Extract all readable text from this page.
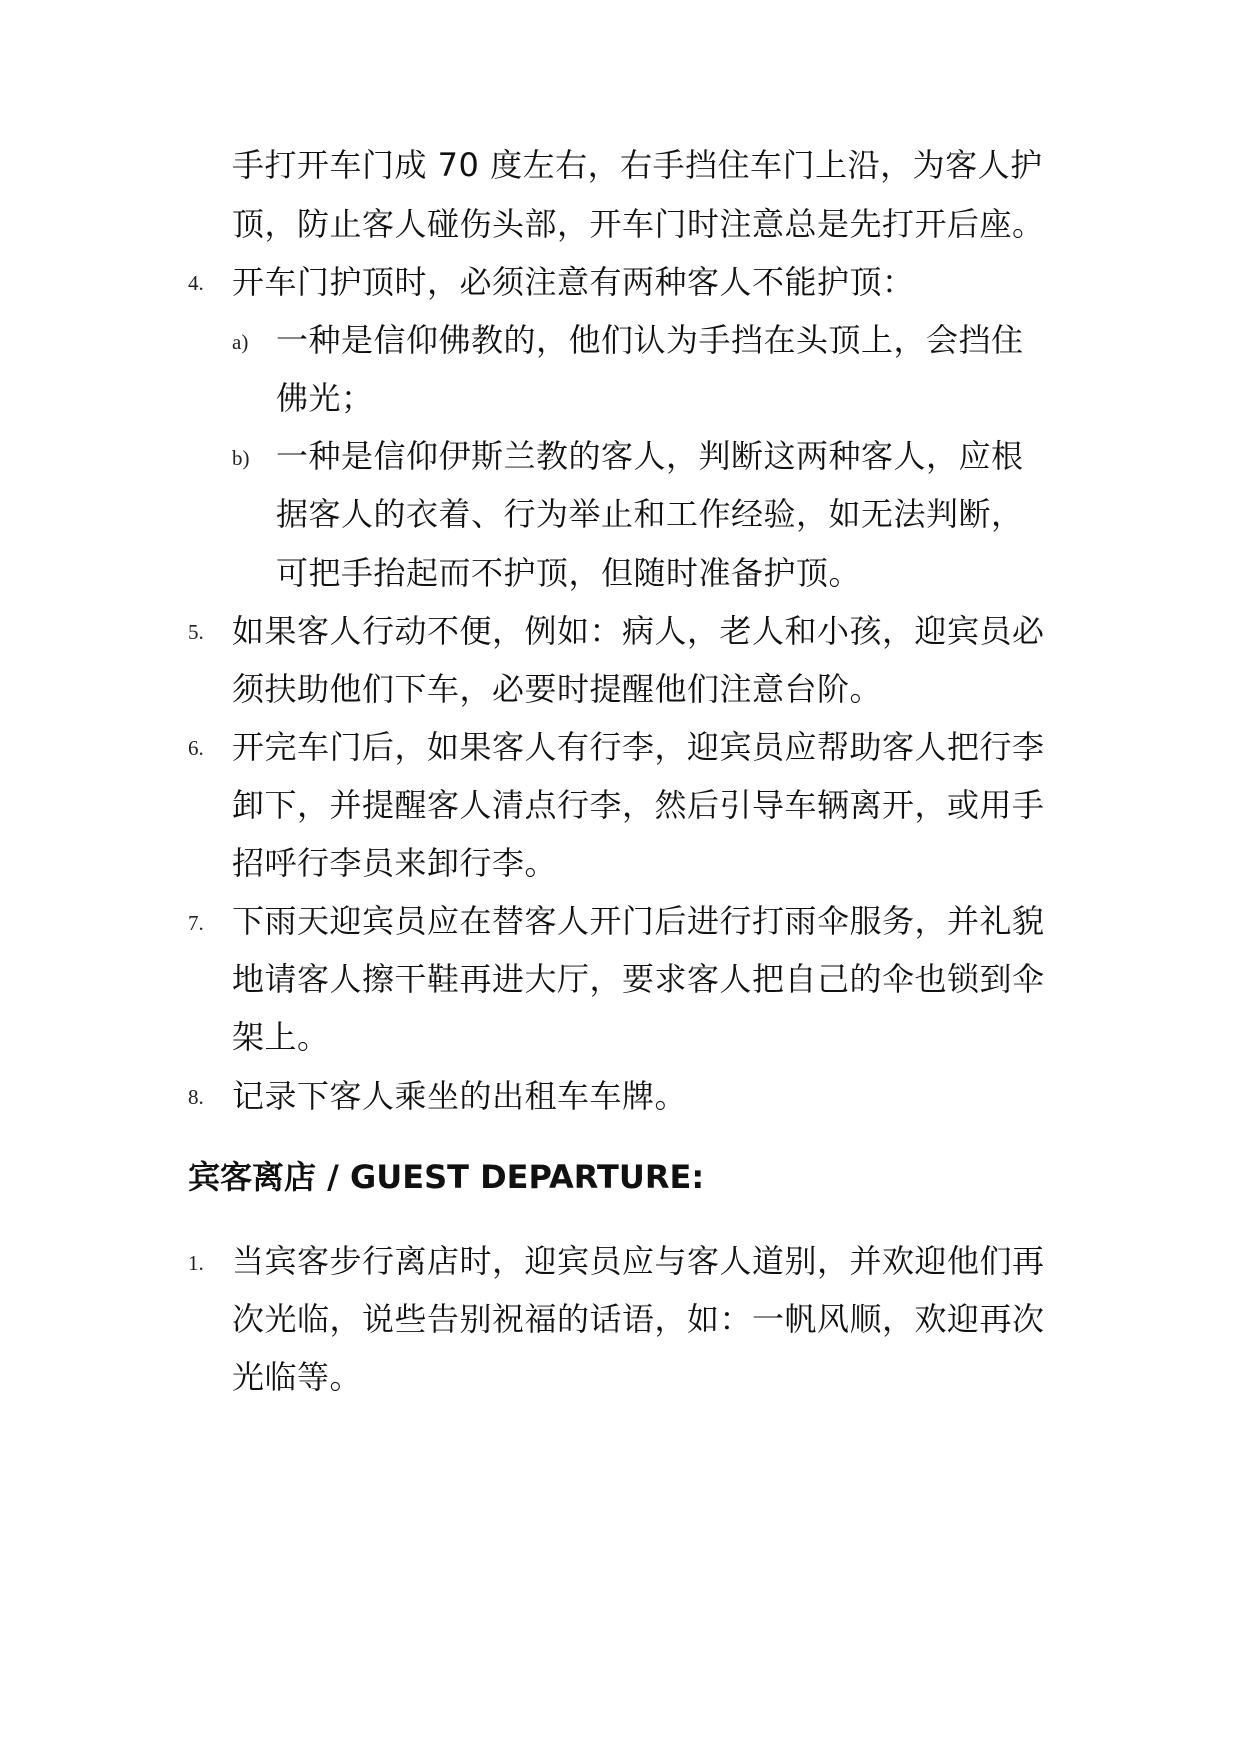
手打开车门成 70 度左右，右手挡住车门上沿，为客人护
顶，防止客人碰伤头部，开车门时注意总是先打开后座。
4. 开车门护顶时，必须注意有两种客人不能护顶：
a) 一种是信仰佛教的，他们认为手挡在头顶上，会挡住
佛光；
b) 一种是信仰伊斯兰教的客人，判断这两种客人，应根
据客人的衣着、行为举止和工作经验，如无法判断，
可把手抬起而不护顶，但随时准备护顶。
5. 如果客人行动不便，例如：病人，老人和小孩，迎宾员必
须扶助他们下车，必要时提醒他们注意台阶。
6. 开完车门后，如果客人有行李，迎宾员应帮助客人把行李
卸下，并提醒客人清点行李，然后引导车辆离开，或用手
招呼行李员来卸行李。
7. 下雨天迎宾员应在替客人开门后进行打雨伞服务，并礼貌
地请客人擦干鞋再进大厅，要求客人把自己的伞也锁到伞
架上。
8. 记录下客人乘坐的出租车车牌。
宾客离店 / GUEST DEPARTURE:
1. 当宾客步行离店时，迎宾员应与客人道别，并欢迎他们再
次光临，说些告别祝福的话语，如：一帆风顺，欢迎再次
光临等。
